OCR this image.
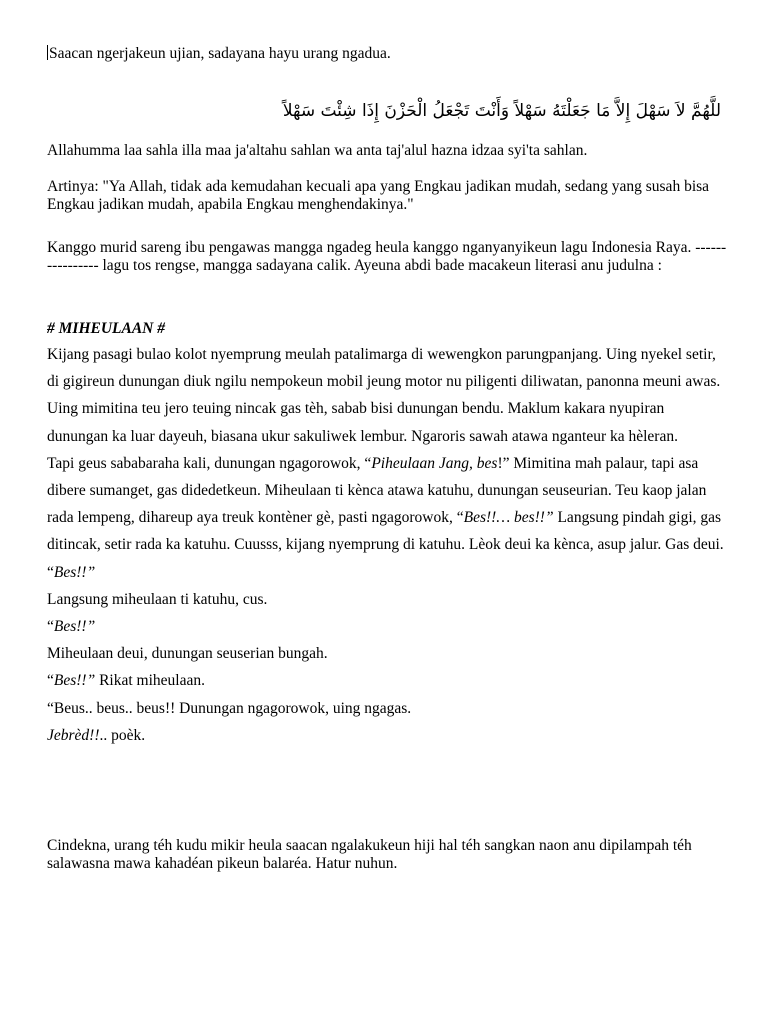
Saacan ngerjakeun ujian, sadayana hayu urang ngadua.

للَّهُمَّ لاَ سَهْلَ إِلاَّ مَا جَعَلْتَهُ سَهْلاً وَأَنْتَ تَجْعَلُ الْحَزْنَ إِذَا شِئْتَ سَهْلاً

Allahumma laa sahla illa maa ja'altahu sahlan wa anta taj'alul hazna idzaa syi'ta sahlan.

Artinya: "Ya Allah, tidak ada kemudahan kecuali apa yang Engkau jadikan mudah, sedang yang susah bisa Engkau jadikan mudah, apabila Engkau menghendakinya."

Kanggo murid sareng ibu pengawas mangga ngadeg heula kanggo nganyanyikeun lagu Indonesia Raya. ---------------- lagu tos rengse, mangga sadayana calik. Ayeuna abdi bade macakeun literasi anu judulna :

# MIHEULAAN #

Kijang pasagi bulao kolot nyemprung meulah patalimarga di wewengkon parungpanjang. Uing nyekel setir, di gigireun dunungan diuk ngilu nempokeun mobil jeung motor nu piligenti diliwatan, panonna meuni awas.

Uing mimitina teu jero teuing nincak gas tèh, sabab bisi dunungan bendu. Maklum kakara nyupiran dunungan ka luar dayeuh, biasana ukur sakuliwek lembur. Ngaroris sawah atawa nganteur ka hèleran.

Tapi geus sababaraha kali, dunungan ngagorowok, “Piheulaan Jang, bes!” Mimitina mah palaur, tapi asa dibere sumanget, gas didedetkeun. Miheulaan ti kènca atawa katuhu, dunungan seuseurian. Teu kaop jalan rada lempeng, dihareup aya treuk kontèner gè, pasti ngagorowok, “Bes!!… bes!!” Langsung pindah gigi, gas ditincak, setir rada ka katuhu. Cuusss, kijang nyemprung di katuhu. Lèok deui ka kènca, asup jalur. Gas deui.

“Bes!!”

Langsung miheulaan ti katuhu, cus.

“Bes!!”

Miheulaan deui, dunungan seuserian bungah.

“Bes!!” Rikat miheulaan.

“Beus.. beus.. beus!! Dunungan ngagorowok, uing ngagas.

Jebrèd!!.. poèk.

Cindekna, urang téh kudu mikir heula saacan ngalakukeun hiji hal téh sangkan naon anu dipilampah téh salawasna mawa kahadéan pikeun balaréa. Hatur nuhun.
